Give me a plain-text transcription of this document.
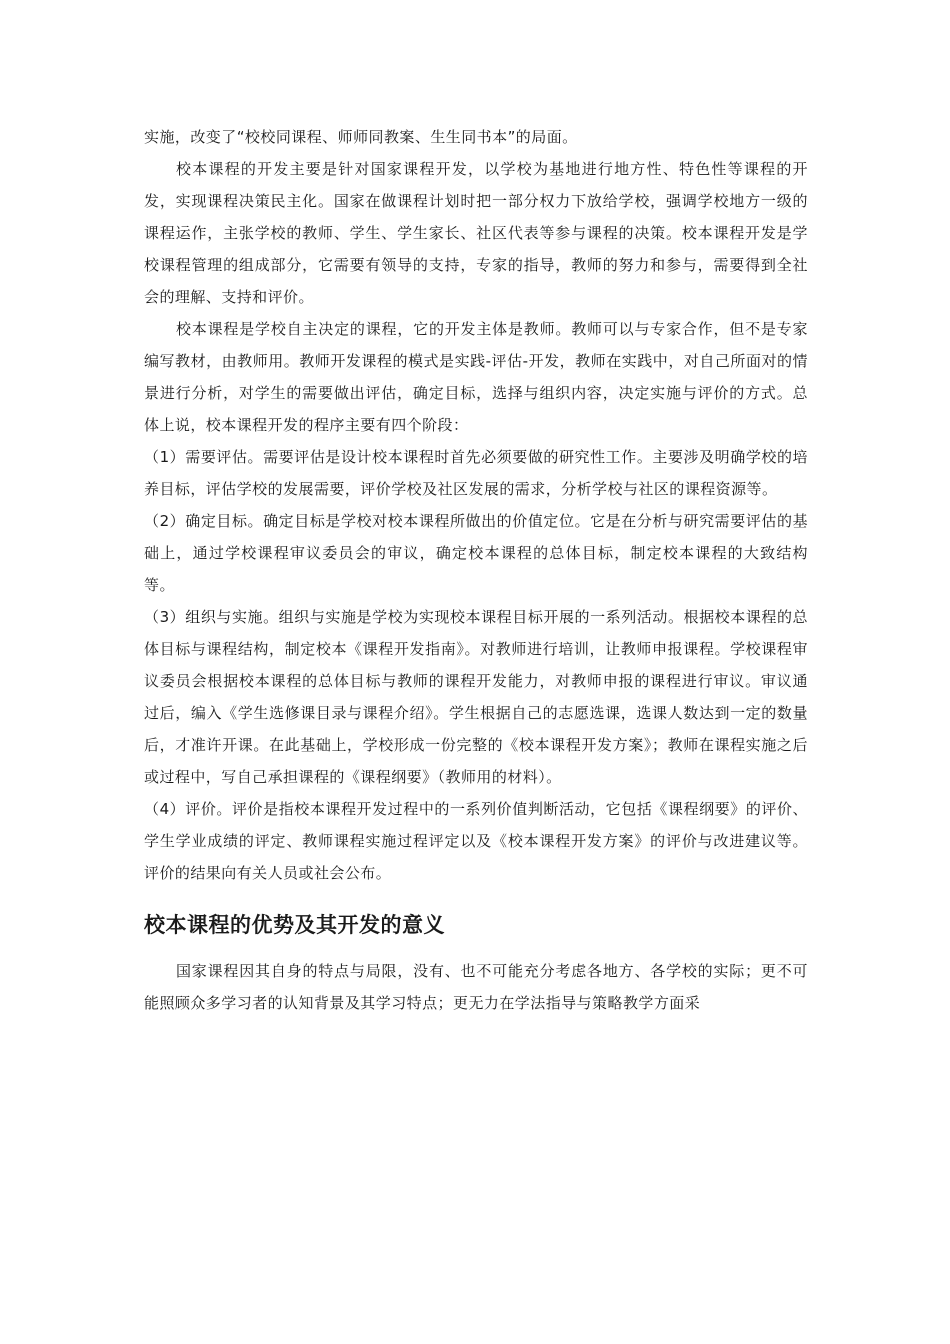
实施，改变了“校校同课程、师师同教案、生生同书本”的局面。

校本课程的开发主要是针对国家课程开发，以学校为基地进行地方性、特色性等课程的开发，实现课程决策民主化。国家在做课程计划时把一部分权力下放给学校，强调学校地方一级的课程运作，主张学校的教师、学生、学生家长、社区代表等参与课程的决策。校本课程开发是学校课程管理的组成部分，它需要有领导的支持，专家的指导，教师的努力和参与，需要得到全社会的理解、支持和评价。

校本课程是学校自主决定的课程，它的开发主体是教师。教师可以与专家合作，但不是专家编写教材，由教师用。教师开发课程的模式是实践-评估-开发，教师在实践中，对自己所面对的情景进行分析，对学生的需要做出评估，确定目标，选择与组织内容，决定实施与评价的方式。总体上说，校本课程开发的程序主要有四个阶段：

（1）需要评估。需要评估是设计校本课程时首先必须要做的研究性工作。主要涉及明确学校的培养目标，评估学校的发展需要，评价学校及社区发展的需求，分析学校与社区的课程资源等。

（2）确定目标。确定目标是学校对校本课程所做出的价值定位。它是在分析与研究需要评估的基础上，通过学校课程审议委员会的审议，确定校本课程的总体目标，制定校本课程的大致结构等。

（3）组织与实施。组织与实施是学校为实现校本课程目标开展的一系列活动。根据校本课程的总体目标与课程结构，制定校本《课程开发指南》。对教师进行培训，让教师申报课程。学校课程审议委员会根据校本课程的总体目标与教师的课程开发能力，对教师申报的课程进行审议。审议通过后，编入《学生选修课目录与课程介绍》。学生根据自己的志愿选课，选课人数达到一定的数量后，才准许开课。在此基础上，学校形成一份完整的《校本课程开发方案》；教师在课程实施之后或过程中，写自己承担课程的《课程纲要》（教师用的材料）。

（4）评价。评价是指校本课程开发过程中的一系列价值判断活动，它包括《课程纲要》的评价、学生学业成绩的评定、教师课程实施过程评定以及《校本课程开发方案》的评价与改进建议等。评价的结果向有关人员或社会公布。

校本课程的优势及其开发的意义

国家课程因其自身的特点与局限，没有、也不可能充分考虑各地方、各学校的实际；更不可能照顾众多学习者的认知背景及其学习特点；更无力在学法指导与策略教学方面采
